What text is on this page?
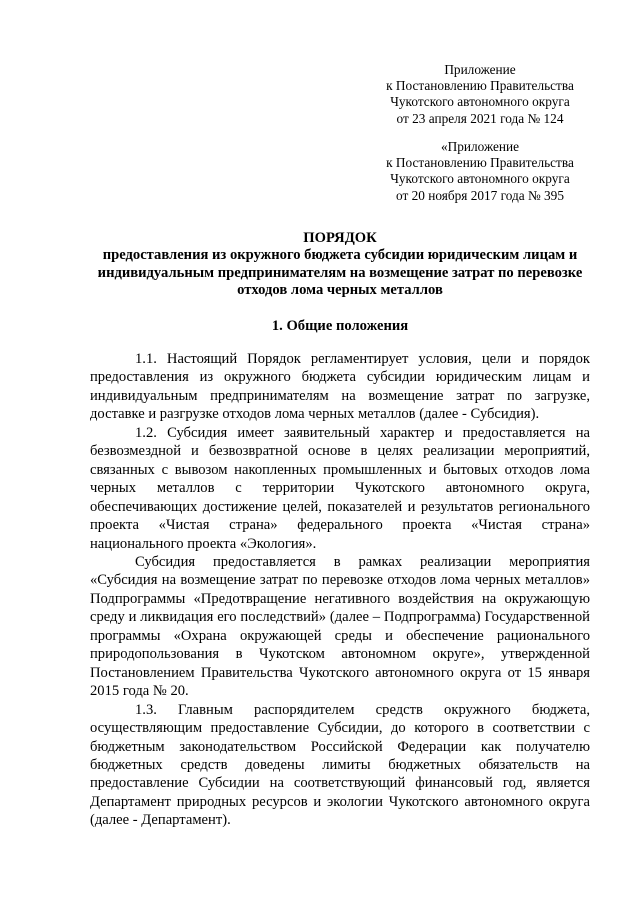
Приложение
к Постановлению Правительства
Чукотского автономного округа
от 23 апреля 2021 года № 124
«Приложение
к Постановлению Правительства
Чукотского автономного округа
от 20 ноября 2017 года № 395
ПОРЯДОК
предоставления из окружного бюджета субсидии юридическим лицам и
индивидуальным предпринимателям на возмещение затрат по перевозке
отходов лома черных металлов
1. Общие положения

1.1. Настоящий Порядок регламентирует условия, цели и порядок предоставления из окружного бюджета субсидии юридическим лицам и индивидуальным предпринимателям на возмещение затрат по загрузке, доставке и разгрузке отходов лома черных металлов (далее - Субсидия).

1.2. Субсидия имеет заявительный характер и предоставляется на безвозмездной и безвозвратной основе в целях реализации мероприятий, связанных с вывозом накопленных промышленных и бытовых отходов лома черных металлов с территории Чукотского автономного округа, обеспечивающих достижение целей, показателей и результатов регионального проекта «Чистая страна» федерального проекта «Чистая страна» национального проекта «Экология».

Субсидия предоставляется в рамках реализации мероприятия «Субсидия на возмещение затрат по перевозке отходов лома черных металлов» Подпрограммы «Предотвращение негативного воздействия на окружающую среду и ликвидация его последствий» (далее – Подпрограмма) Государственной программы «Охрана окружающей среды и обеспечение рационального природопользования в Чукотском автономном округе», утвержденной Постановлением Правительства Чукотского автономного округа от 15 января 2015 года № 20.

1.3. Главным распорядителем средств окружного бюджета, осуществляющим предоставление Субсидии, до которого в соответствии с бюджетным законодательством Российской Федерации как получателю бюджетных средств доведены лимиты бюджетных обязательств на предоставление Субсидии на соответствующий финансовый год, является Департамент природных ресурсов и экологии Чукотского автономного округа (далее - Департамент).
